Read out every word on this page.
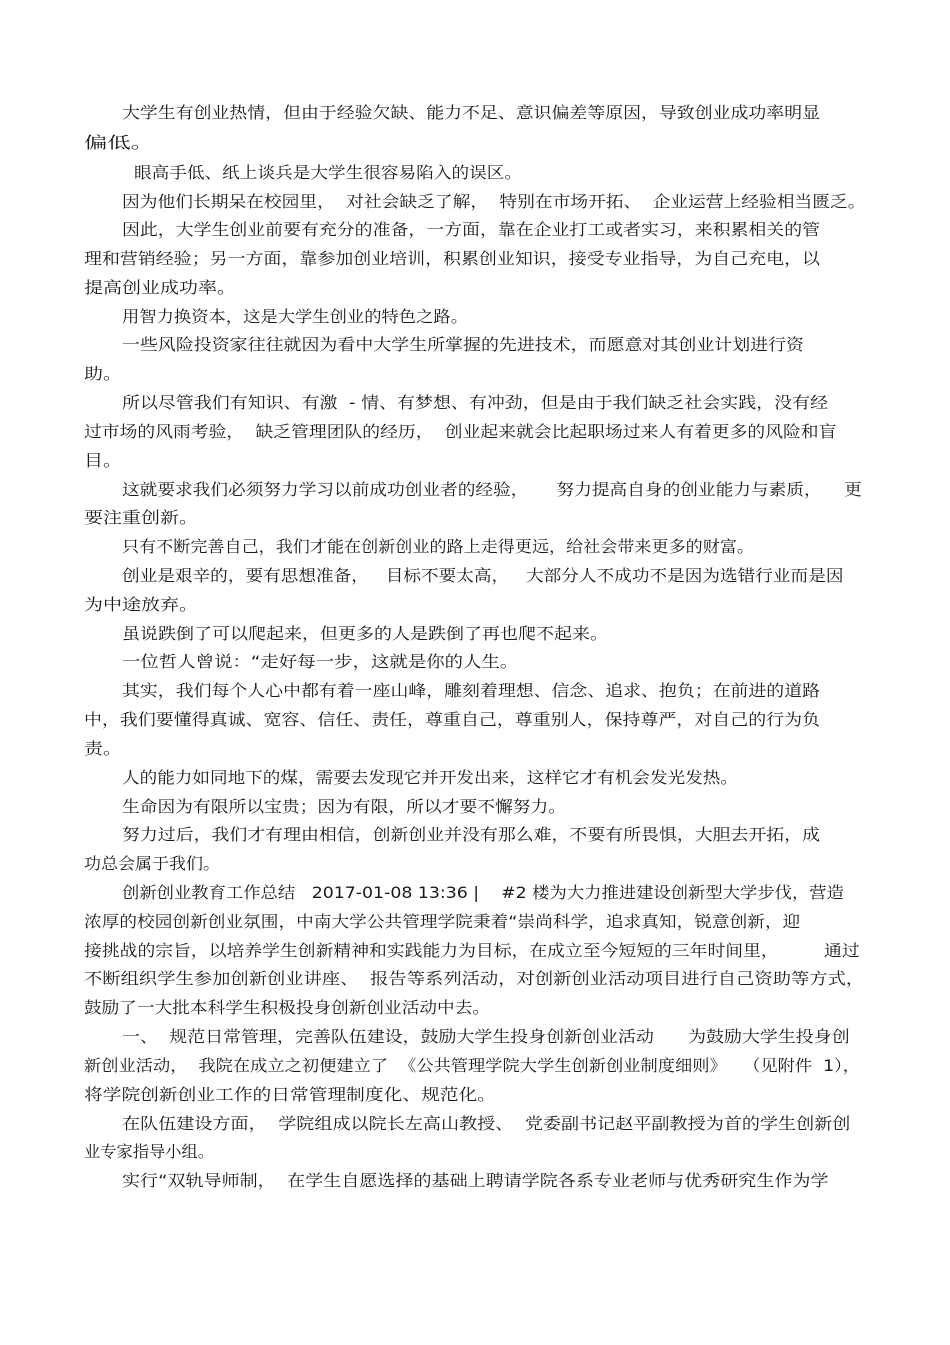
大学生有创业热情，但由于经验欠缺、能力不足、意识偏差等原因，导致创业成功率明显
偏低。
眼高手低、纸上谈兵是大学生很容易陷入的误区。
因为他们长期呆在校园里，  对社会缺乏了解，  特别在市场开拓、  企业运营上经验相当匮乏。
因此，大学生创业前要有充分的准备，一方面，靠在企业打工或者实习，来积累相关的管
理和营销经验；另一方面，靠参加创业培训，积累创业知识，接受专业指导，为自己充电，以
提高创业成功率。
用智力换资本，这是大学生创业的特色之路。
一些风险投资家往往就因为看中大学生所掌握的先进技术，而愿意对其创业计划进行资
助。
所以尽管我们有知识、有激  - 情、有梦想、有冲劲，但是由于我们缺乏社会实践，没有经
过市场的风雨考验，  缺乏管理团队的经历，  创业起来就会比起职场过来人有着更多的风险和盲
目。
这就要求我们必须努力学习以前成功创业者的经验，     努力提高自身的创业能力与素质，    更
要注重创新。
只有不断完善自己，我们才能在创新创业的路上走得更远，给社会带来更多的财富。
创业是艰辛的，要有思想准备，   目标不要太高，   大部分人不成功不是因为选错行业而是因
为中途放弃。
虽说跌倒了可以爬起来，但更多的人是跌倒了再也爬不起来。
一位哲人曾说：“走好每一步，这就是你的人生。
其实，我们每个人心中都有着一座山峰，雕刻着理想、信念、追求、抱负；在前进的道路
中，我们要懂得真诚、宽容、信任、责任，尊重自己，尊重别人，保持尊严，对自己的行为负
责。
人的能力如同地下的煤，需要去发现它并开发出来，这样它才有机会发光发热。
生命因为有限所以宝贵；因为有限，所以才要不懈努力。
努力过后，我们才有理由相信，创新创业并没有那么难，不要有所畏惧，大胆去开拓，成
功总会属于我们。
创新创业教育工作总结   2017-01-08 13:36 |    #2 楼为大力推进建设创新型大学步伐，营造
浓厚的校园创新创业氛围，中南大学公共管理学院秉着“崇尚科学，追求真知，锐意创新，迎
接挑战的宗旨，以培养学生创新精神和实践能力为目标，在成立至今短短的三年时间里，        通过
不断组织学生参加创新创业讲座、  报告等系列活动，对创新创业活动项目进行自己资助等方式，
鼓励了一大批本科学生积极投身创新创业活动中去。
一、  规范日常管理，完善队伍建设，鼓励大学生投身创新创业活动      为鼓励大学生投身创
新创业活动，  我院在成立之初便建立了  《公共管理学院大学生创新创业制度细则》   （见附件  1），
将学院创新创业工作的日常管理制度化、规范化。
在队伍建设方面，  学院组成以院长左高山教授、  党委副书记赵平副教授为首的学生创新创
业专家指导小组。
实行“双轨导师制，  在学生自愿选择的基础上聘请学院各系专业老师与优秀研究生作为学
